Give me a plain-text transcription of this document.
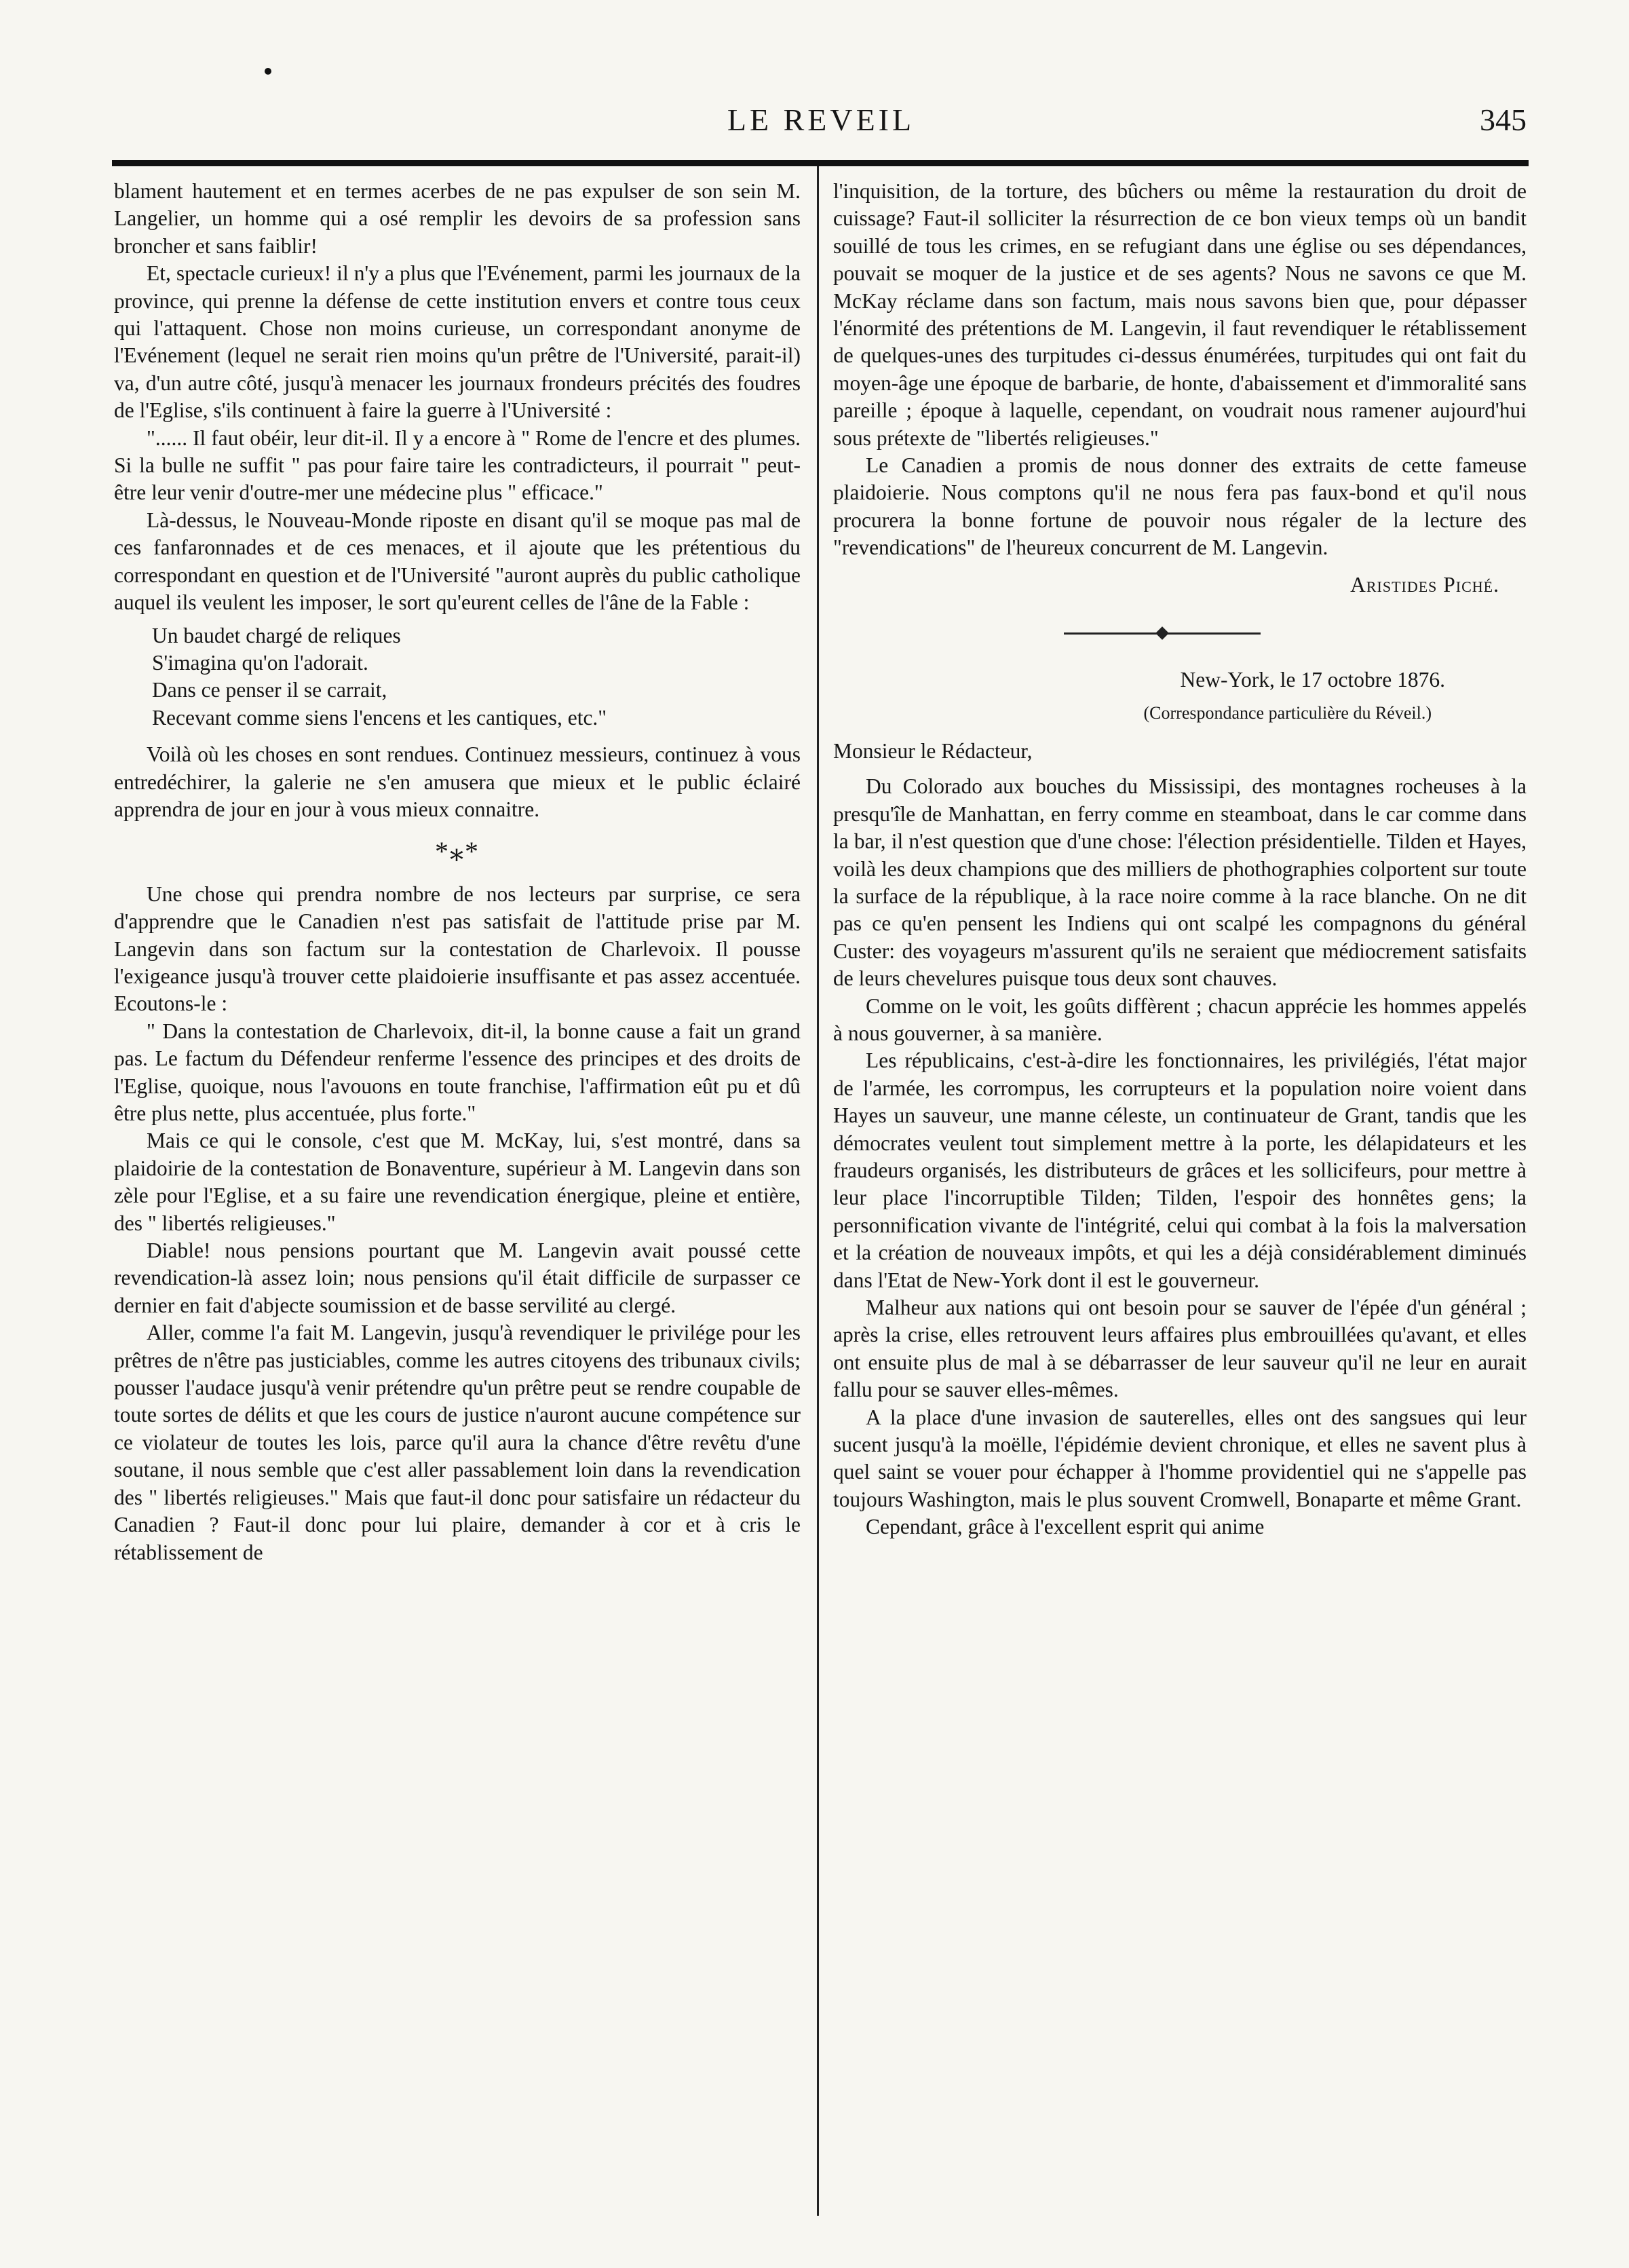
LE REVEIL	345

blament hautement et en termes acerbes de ne pas expulser de son sein M. Langelier, un homme qui a osé remplir les devoirs de sa profession sans broncher et sans faiblir!

Et, spectacle curieux! il n'y a plus que l'Evénement, parmi les journaux de la province, qui prenne la défense de cette institution envers et contre tous ceux qui l'attaquent. Chose non moins curieuse, un correspondant anonyme de l'Evénement (lequel ne serait rien moins qu'un prêtre de l'Université, parait-il) va, d'un autre côté, jusqu'à menacer les journaux frondeurs précités des foudres de l'Eglise, s'ils continuent à faire la guerre à l'Université :

"...... Il faut obéir, leur dit-il. Il y a encore à " Rome de l'encre et des plumes. Si la bulle ne suffit " pas pour faire taire les contradicteurs, il pourrait " peut-être leur venir d'outre-mer une médecine plus " efficace."

Là-dessus, le Nouveau-Monde riposte en disant qu'il se moque pas mal de ces fanfaronnades et de ces menaces, et il ajoute que les prétentious du correspondant en question et de l'Université "auront auprès du public catholique auquel ils veulent les imposer, le sort qu'eurent celles de l'âne de la Fable :

Un baudet chargé de reliques

S'imagina qu'on l'adorait.

Dans ce penser il se carrait,

Recevant comme siens l'encens et les cantiques, etc."

Voilà où les choses en sont rendues. Continuez messieurs, continuez à vous entredéchirer, la galerie ne s'en amusera que mieux et le public éclairé apprendra de jour en jour à vous mieux connaitre.

*⁎*

Une chose qui prendra nombre de nos lecteurs par surprise, ce sera d'apprendre que le Canadien n'est pas satisfait de l'attitude prise par M. Langevin dans son factum sur la contestation de Charlevoix. Il pousse l'exigeance jusqu'à trouver cette plaidoierie insuffisante et pas assez accentuée. Ecoutons-le :

" Dans la contestation de Charlevoix, dit-il, la bonne cause a fait un grand pas. Le factum du Défendeur renferme l'essence des principes et des droits de l'Eglise, quoique, nous l'avouons en toute franchise, l'affirmation eût pu et dû être plus nette, plus accentuée, plus forte."

Mais ce qui le console, c'est que M. McKay, lui, s'est montré, dans sa plaidoirie de la contestation de Bonaventure, supérieur à M. Langevin dans son zèle pour l'Eglise, et a su faire une revendication énergique, pleine et entière, des " libertés religieuses."

Diable! nous pensions pourtant que M. Langevin avait poussé cette revendication-là assez loin; nous pensions qu'il était difficile de surpasser ce dernier en fait d'abjecte soumission et de basse servilité au clergé.

Aller, comme l'a fait M. Langevin, jusqu'à revendiquer le privilége pour les prêtres de n'être pas justiciables, comme les autres citoyens des tribunaux civils; pousser l'audace jusqu'à venir prétendre qu'un prêtre peut se rendre coupable de toute sortes de délits et que les cours de justice n'auront aucune compétence sur ce violateur de toutes les lois, parce qu'il aura la chance d'être revêtu d'une soutane, il nous semble que c'est aller passablement loin dans la revendication des " libertés religieuses." Mais que faut-il donc pour satisfaire un rédacteur du Canadien ? Faut-il donc pour lui plaire, demander à cor et à cris le rétablissement de

l'inquisition, de la torture, des bûchers ou même la restauration du droit de cuissage? Faut-il solliciter la résurrection de ce bon vieux temps où un bandit souillé de tous les crimes, en se refugiant dans une église ou ses dépendances, pouvait se moquer de la justice et de ses agents? Nous ne savons ce que M. McKay réclame dans son factum, mais nous savons bien que, pour dépasser l'énormité des prétentions de M. Langevin, il faut revendiquer le rétablissement de quelques-unes des turpitudes ci-dessus énumérées, turpitudes qui ont fait du moyen-âge une époque de barbarie, de honte, d'abaissement et d'immoralité sans pareille ; époque à laquelle, cependant, on voudrait nous ramener aujourd'hui sous prétexte de "libertés religieuses."

Le Canadien a promis de nous donner des extraits de cette fameuse plaidoierie. Nous comptons qu'il ne nous fera pas faux-bond et qu'il nous procurera la bonne fortune de pouvoir nous régaler de la lecture des "revendications" de l'heureux concurrent de M. Langevin.

Aristides Piché.

New-York, le 17 octobre 1876.

(Correspondance particulière du Réveil.)

Monsieur le Rédacteur,

Du Colorado aux bouches du Mississipi, des montagnes rocheuses à la presqu'île de Manhattan, en ferry comme en steamboat, dans le car comme dans la bar, il n'est question que d'une chose: l'élection présidentielle. Tilden et Hayes, voilà les deux champions que des milliers de phothographies colportent sur toute la surface de la république, à la race noire comme à la race blanche. On ne dit pas ce qu'en pensent les Indiens qui ont scalpé les compagnons du général Custer: des voyageurs m'assurent qu'ils ne seraient que médiocrement satisfaits de leurs chevelures puisque tous deux sont chauves.

Comme on le voit, les goûts diffèrent ; chacun apprécie les hommes appelés à nous gouverner, à sa manière.

Les républicains, c'est-à-dire les fonctionnaires, les privilégiés, l'état major de l'armée, les corrompus, les corrupteurs et la population noire voient dans Hayes un sauveur, une manne céleste, un continuateur de Grant, tandis que les démocrates veulent tout simplement mettre à la porte, les délapidateurs et les fraudeurs organisés, les distributeurs de grâces et les sollicifeurs, pour mettre à leur place l'incorruptible Tilden; Tilden, l'espoir des honnêtes gens; la personnification vivante de l'intégrité, celui qui combat à la fois la malversation et la création de nouveaux impôts, et qui les a déjà considérablement diminués dans l'Etat de New-York dont il est le gouverneur.

Malheur aux nations qui ont besoin pour se sauver de l'épée d'un général ; après la crise, elles retrouvent leurs affaires plus embrouillées qu'avant, et elles ont ensuite plus de mal à se débarrasser de leur sauveur qu'il ne leur en aurait fallu pour se sauver elles-mêmes.

A la place d'une invasion de sauterelles, elles ont des sangsues qui leur sucent jusqu'à la moëlle, l'épidémie devient chronique, et elles ne savent plus à quel saint se vouer pour échapper à l'homme providentiel qui ne s'appelle pas toujours Washington, mais le plus souvent Cromwell, Bonaparte et même Grant.

Cependant, grâce à l'excellent esprit qui anime
